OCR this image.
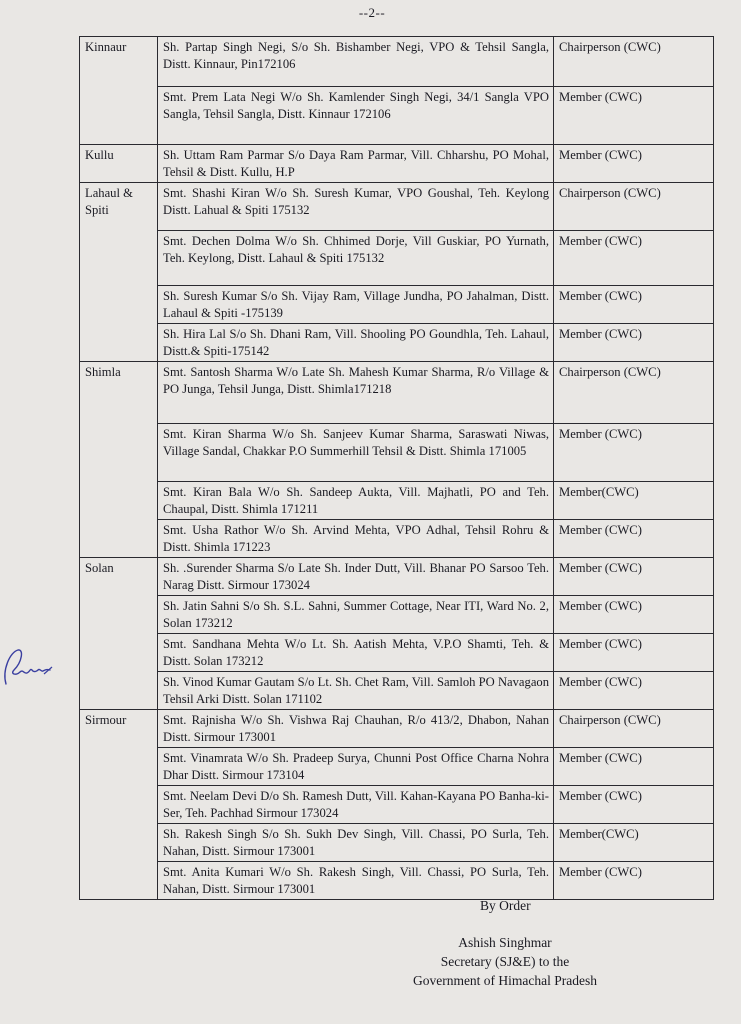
--2--
Kinnaur	Sh. Partap Singh Negi, S/o Sh. Bishamber Negi, VPO & Tehsil Sangla, Distt. Kinnaur, Pin172106	Chairperson (CWC)
	Smt. Prem Lata Negi W/o Sh. Kamlender Singh Negi, 34/1 Sangla VPO Sangla, Tehsil Sangla, Distt. Kinnaur 172106	Member (CWC)
Kullu	Sh. Uttam Ram Parmar S/o Daya Ram Parmar, Vill. Chharshu, PO Mohal, Tehsil & Distt. Kullu, H.P	Member (CWC)
Lahaul & Spiti	Smt. Shashi Kiran W/o Sh. Suresh Kumar, VPO Goushal, Teh. Keylong Distt. Lahual & Spiti 175132	Chairperson (CWC)
	Smt. Dechen Dolma W/o Sh. Chhimed Dorje, Vill Guskiar, PO Yurnath, Teh. Keylong, Distt. Lahaul & Spiti 175132	Member (CWC)
	Sh. Suresh Kumar S/o Sh. Vijay Ram, Village Jundha, PO Jahalman, Distt. Lahaul & Spiti -175139	Member (CWC)
	Sh. Hira Lal S/o Sh. Dhani Ram, Vill. Shooling PO Goundhla, Teh. Lahaul, Distt.& Spiti-175142	Member (CWC)
Shimla	Smt. Santosh Sharma W/o Late Sh. Mahesh Kumar Sharma, R/o Village & PO Junga, Tehsil Junga, Distt. Shimla171218	Chairperson (CWC)
	Smt. Kiran Sharma W/o Sh. Sanjeev Kumar Sharma, Saraswati Niwas, Village Sandal, Chakkar P.O Summerhill Tehsil & Distt. Shimla 171005	Member (CWC)
	Smt. Kiran Bala W/o Sh. Sandeep Aukta, Vill. Majhatli, PO and Teh. Chaupal, Distt. Shimla 171211	Member(CWC)
	Smt. Usha Rathor W/o Sh. Arvind Mehta, VPO Adhal, Tehsil Rohru & Distt. Shimla 171223	Member (CWC)
Solan	Sh. .Surender Sharma S/o Late Sh. Inder Dutt, Vill. Bhanar PO Sarsoo Teh. Narag Distt. Sirmour 173024	Member (CWC)
	Sh. Jatin Sahni S/o Sh. S.L. Sahni, Summer Cottage, Near ITI, Ward No. 2, Solan 173212	Member (CWC)
	Smt. Sandhana Mehta W/o Lt. Sh. Aatish Mehta, V.P.O Shamti, Teh. & Distt. Solan 173212	Member (CWC)
	Sh. Vinod Kumar Gautam S/o Lt. Sh. Chet Ram, Vill. Samloh PO Navagaon Tehsil Arki Distt. Solan 171102	Member (CWC)
Sirmour	Smt. Rajnisha W/o Sh. Vishwa Raj Chauhan, R/o 413/2, Dhabon, Nahan Distt. Sirmour 173001	Chairperson (CWC)
	Smt. Vinamrata W/o Sh. Pradeep Surya, Chunni Post Office Charna Nohra Dhar Distt. Sirmour 173104	Member (CWC)
	Smt. Neelam Devi D/o Sh. Ramesh Dutt, Vill. Kahan-Kayana PO Banha-ki-Ser, Teh. Pachhad Sirmour 173024	Member (CWC)
	Sh. Rakesh Singh S/o Sh. Sukh Dev Singh, Vill. Chassi, PO Surla, Teh. Nahan, Distt. Sirmour 173001	Member(CWC)
	Smt. Anita Kumari W/o Sh. Rakesh Singh, Vill. Chassi, PO Surla, Teh. Nahan, Distt. Sirmour 173001	Member (CWC)
By Order
Ashish Singhmar
Secretary (SJ&E) to the
Government of Himachal Pradesh
